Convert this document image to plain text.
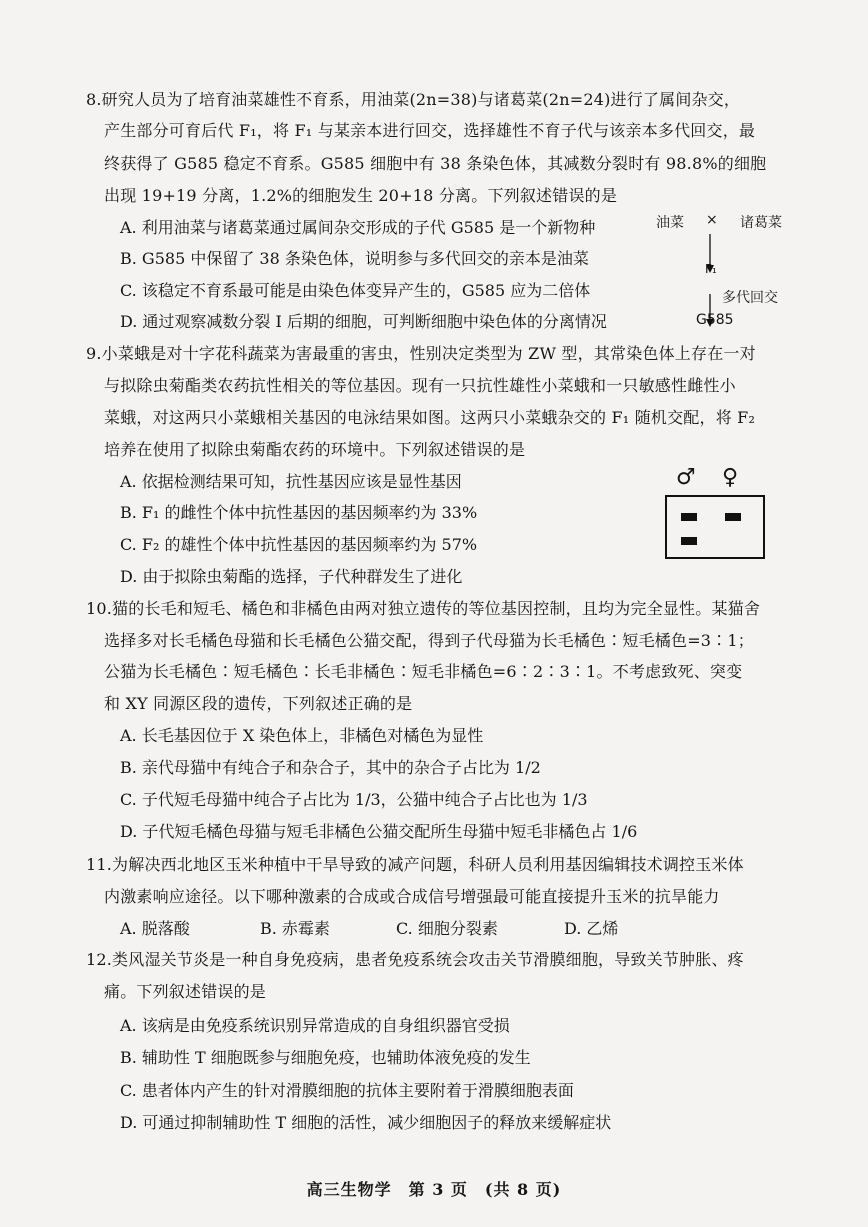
8.研究人员为了培育油菜雄性不育系，用油菜(2n=38)与诸葛菜(2n=24)进行了属间杂交，
产生部分可育后代 F₁，将 F₁ 与某亲本进行回交，选择雄性不育子代与该亲本多代回交，最
终获得了 G585 稳定不育系。G585 细胞中有 38 条染色体，其减数分裂时有 98.8%的细胞
出现 19+19 分离，1.2%的细胞发生 20+18 分离。下列叙述错误的是
A. 利用油菜与诸葛菜通过属间杂交形成的子代 G585 是一个新物种
B. G585 中保留了 38 条染色体，说明参与多代回交的亲本是油菜
C. 该稳定不育系最可能是由染色体变异产生的，G585 应为二倍体
D. 通过观察减数分裂 I 后期的细胞，可判断细胞中染色体的分离情况
油菜 × 诸葛菜
F₁
多代回交
G585
9.小菜蛾是对十字花科蔬菜为害最重的害虫，性别决定类型为 ZW 型，其常染色体上存在一对
与拟除虫菊酯类农药抗性相关的等位基因。现有一只抗性雄性小菜蛾和一只敏感性雌性小
菜蛾，对这两只小菜蛾相关基因的电泳结果如图。这两只小菜蛾杂交的 F₁ 随机交配，将 F₂
培养在使用了拟除虫菊酯农药的环境中。下列叙述错误的是
A. 依据检测结果可知，抗性基因应该是显性基因
B. F₁ 的雌性个体中抗性基因的基因频率约为 33%
C. F₂ 的雄性个体中抗性基因的基因频率约为 57%
D. 由于拟除虫菊酯的选择，子代种群发生了进化
♂ ♀
10.猫的长毛和短毛、橘色和非橘色由两对独立遗传的等位基因控制，且均为完全显性。某猫舍
选择多对长毛橘色母猫和长毛橘色公猫交配，得到子代母猫为长毛橘色∶短毛橘色=3∶1；
公猫为长毛橘色∶短毛橘色∶长毛非橘色∶短毛非橘色=6∶2∶3∶1。不考虑致死、突变
和 XY 同源区段的遗传，下列叙述正确的是
A. 长毛基因位于 X 染色体上，非橘色对橘色为显性
B. 亲代母猫中有纯合子和杂合子，其中的杂合子占比为 1/2
C. 子代短毛母猫中纯合子占比为 1/3，公猫中纯合子占比也为 1/3
D. 子代短毛橘色母猫与短毛非橘色公猫交配所生母猫中短毛非橘色占 1/6
11.为解决西北地区玉米种植中干旱导致的减产问题，科研人员利用基因编辑技术调控玉米体
内激素响应途径。以下哪种激素的合成或合成信号增强最可能直接提升玉米的抗旱能力
A. 脱落酸	B. 赤霉素	C. 细胞分裂素	D. 乙烯
12.类风湿关节炎是一种自身免疫病，患者免疫系统会攻击关节滑膜细胞，导致关节肿胀、疼
痛。下列叙述错误的是
A. 该病是由免疫系统识别异常造成的自身组织器官受损
B. 辅助性 T 细胞既参与细胞免疫，也辅助体液免疫的发生
C. 患者体内产生的针对滑膜细胞的抗体主要附着于滑膜细胞表面
D. 可通过抑制辅助性 T 细胞的活性，减少细胞因子的释放来缓解症状
高三生物学　第 3 页　(共 8 页)
